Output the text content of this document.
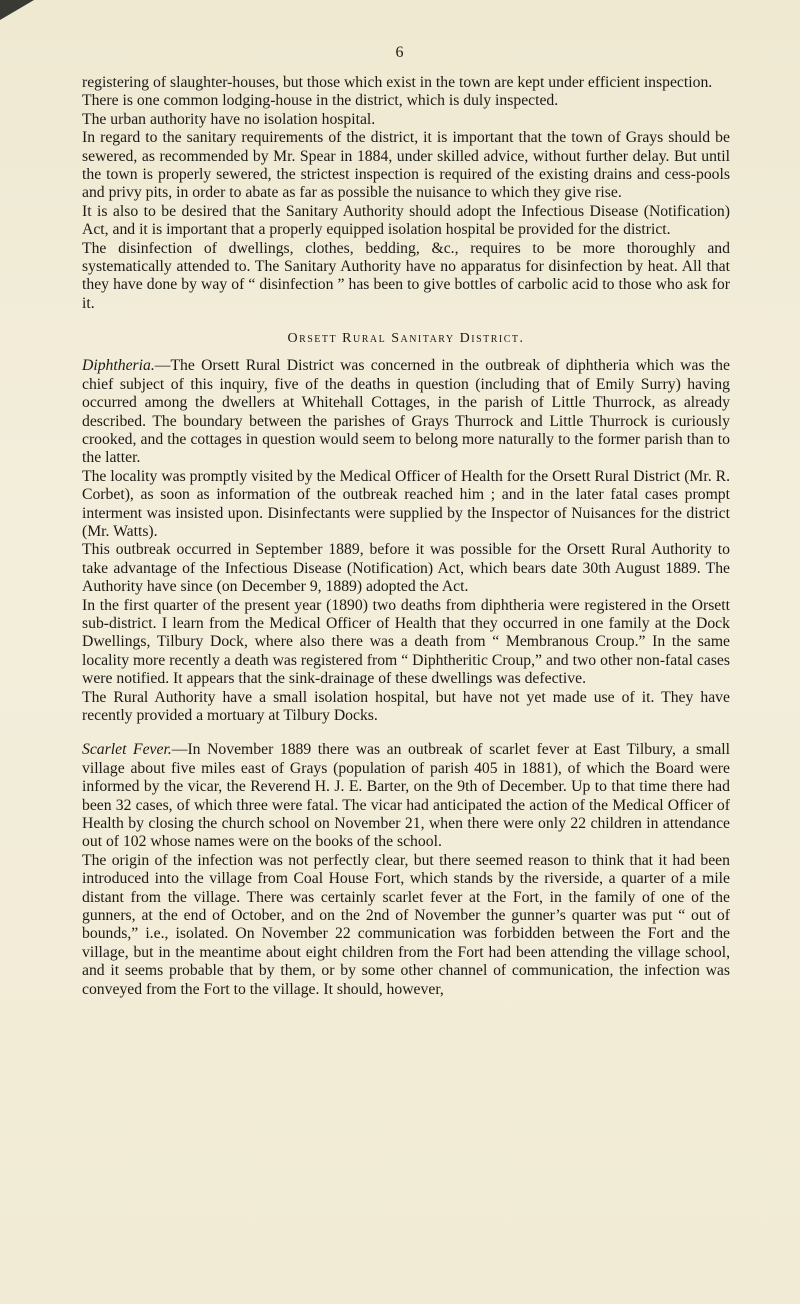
6

registering of slaughter-houses, but those which exist in the town are kept under efficient inspection.

There is one common lodging-house in the district, which is duly inspected.

The urban authority have no isolation hospital.

In regard to the sanitary requirements of the district, it is important that the town of Grays should be sewered, as recommended by Mr. Spear in 1884, under skilled advice, without further delay. But until the town is properly sewered, the strictest inspection is required of the existing drains and cess-pools and privy pits, in order to abate as far as possible the nuisance to which they give rise.

It is also to be desired that the Sanitary Authority should adopt the Infectious Disease (Notification) Act, and it is important that a properly equipped isolation hospital be provided for the district.

The disinfection of dwellings, clothes, bedding, &c., requires to be more thoroughly and systematically attended to. The Sanitary Authority have no apparatus for disinfection by heat. All that they have done by way of “ disinfection ” has been to give bottles of carbolic acid to those who ask for it.

Orsett Rural Sanitary District.

Diphtheria.—The Orsett Rural District was concerned in the outbreak of diphtheria which was the chief subject of this inquiry, five of the deaths in question (including that of Emily Surry) having occurred among the dwellers at Whitehall Cottages, in the parish of Little Thurrock, as already described. The boundary between the parishes of Grays Thurrock and Little Thurrock is curiously crooked, and the cottages in question would seem to belong more naturally to the former parish than to the latter.

The locality was promptly visited by the Medical Officer of Health for the Orsett Rural District (Mr. R. Corbet), as soon as information of the outbreak reached him ; and in the later fatal cases prompt interment was insisted upon. Disinfectants were supplied by the Inspector of Nuisances for the district (Mr. Watts).

This outbreak occurred in September 1889, before it was possible for the Orsett Rural Authority to take advantage of the Infectious Disease (Notification) Act, which bears date 30th August 1889. The Authority have since (on December 9, 1889) adopted the Act.

In the first quarter of the present year (1890) two deaths from diphtheria were registered in the Orsett sub-district. I learn from the Medical Officer of Health that they occurred in one family at the Dock Dwellings, Tilbury Dock, where also there was a death from “ Membranous Croup.” In the same locality more recently a death was registered from “ Diphtheritic Croup,” and two other non-fatal cases were notified. It appears that the sink-drainage of these dwellings was defective.

The Rural Authority have a small isolation hospital, but have not yet made use of it. They have recently provided a mortuary at Tilbury Docks.

Scarlet Fever.—In November 1889 there was an outbreak of scarlet fever at East Tilbury, a small village about five miles east of Grays (population of parish 405 in 1881), of which the Board were informed by the vicar, the Reverend H. J. E. Barter, on the 9th of December. Up to that time there had been 32 cases, of which three were fatal. The vicar had anticipated the action of the Medical Officer of Health by closing the church school on November 21, when there were only 22 children in attendance out of 102 whose names were on the books of the school.

The origin of the infection was not perfectly clear, but there seemed reason to think that it had been introduced into the village from Coal House Fort, which stands by the riverside, a quarter of a mile distant from the village. There was certainly scarlet fever at the Fort, in the family of one of the gunners, at the end of October, and on the 2nd of November the gunner’s quarter was put “ out of bounds,” i.e., isolated. On November 22 communication was forbidden between the Fort and the village, but in the meantime about eight children from the Fort had been attending the village school, and it seems probable that by them, or by some other channel of communication, the infection was conveyed from the Fort to the village. It should, however,
